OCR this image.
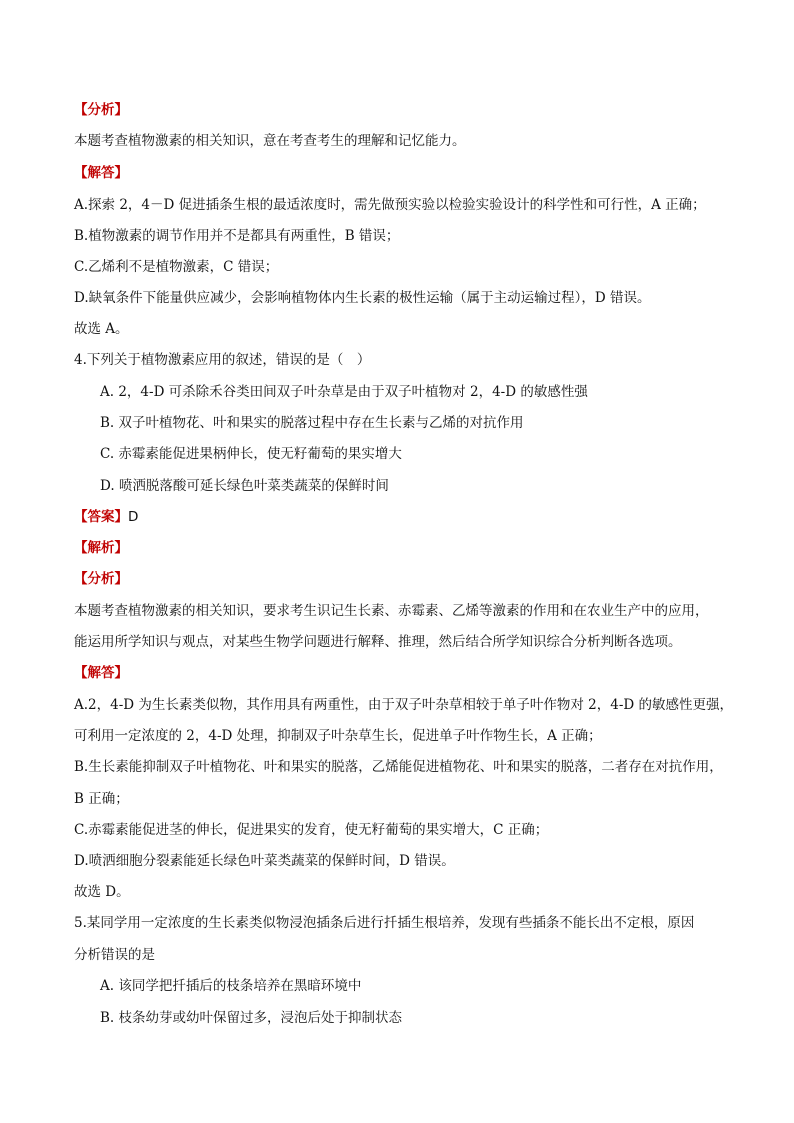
【分析】
本题考查植物激素的相关知识，意在考查考生的理解和记忆能力。
【解答】
A.探索 2，4－D 促进插条生根的最适浓度时，需先做预实验以检验实验设计的科学性和可行性，A 正确；
B.植物激素的调节作用并不是都具有两重性，B 错误；
C.乙烯利不是植物激素，C 错误；
D.缺氧条件下能量供应减少，会影响植物体内生长素的极性运输（属于主动运输过程），D 错误。
故选 A。
4.下列关于植物激素应用的叙述，错误的是（　）
A. 2，4-D 可杀除禾谷类田间双子叶杂草是由于双子叶植物对 2，4-D 的敏感性强
B. 双子叶植物花、叶和果实的脱落过程中存在生长素与乙烯的对抗作用
C. 赤霉素能促进果柄伸长，使无籽葡萄的果实增大
D. 喷洒脱落酸可延长绿色叶菜类蔬菜的保鲜时间
【答案】D
【解析】
【分析】
本题考查植物激素的相关知识，要求考生识记生长素、赤霉素、乙烯等激素的作用和在农业生产中的应用，
能运用所学知识与观点，对某些生物学问题进行解释、推理，然后结合所学知识综合分析判断各选项。
【解答】
A.2，4-D 为生长素类似物，其作用具有两重性，由于双子叶杂草相较于单子叶作物对 2，4-D 的敏感性更强，
可利用一定浓度的 2，4-D 处理，抑制双子叶杂草生长，促进单子叶作物生长，A 正确；
B.生长素能抑制双子叶植物花、叶和果实的脱落，乙烯能促进植物花、叶和果实的脱落，二者存在对抗作用，
B 正确；
C.赤霉素能促进茎的伸长，促进果实的发育，使无籽葡萄的果实增大，C 正确；
D.喷洒细胞分裂素能延长绿色叶菜类蔬菜的保鲜时间，D 错误。
故选 D。
5.某同学用一定浓度的生长素类似物浸泡插条后进行扦插生根培养，发现有些插条不能长出不定根，原因
分析错误的是
A. 该同学把扦插后的枝条培养在黑暗环境中
B. 枝条幼芽或幼叶保留过多，浸泡后处于抑制状态
